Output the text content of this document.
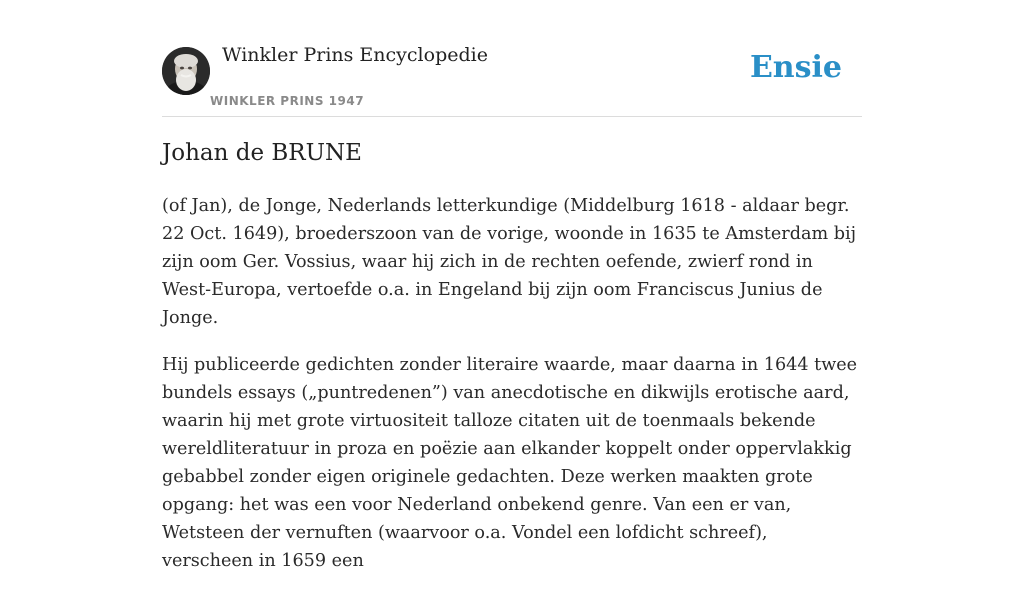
Winkler Prins Encyclopedie
WINKLER PRINS 1947
Ensie
Johan de BRUNE

(of Jan), de Jonge, Nederlands letterkundige (Middelburg 1618 - aldaar begr. 22 Oct. 1649), broederszoon van de vorige, woonde in 1635 te Amsterdam bij zijn oom Ger. Vossius, waar hij zich in de rechten oefende, zwierf rond in West-Europa, vertoefde o.a. in Engeland bij zijn oom Franciscus Junius de Jonge.

Hij publiceerde gedichten zonder literaire waarde, maar daarna in 1644 twee bundels essays („puntredenen”) van anecdotische en dikwijls erotische aard, waarin hij met grote virtuositeit talloze citaten uit de toenmaals bekende wereldliteratuur in proza en poëzie aan elkander koppelt onder oppervlakkig gebabbel zonder eigen originele gedachten. Deze werken maakten grote opgang: het was een voor Nederland onbekend genre. Van een er van, Wetsteen der vernuften (waarvoor o.a. Vondel een lofdicht schreef), verscheen in 1659 een
